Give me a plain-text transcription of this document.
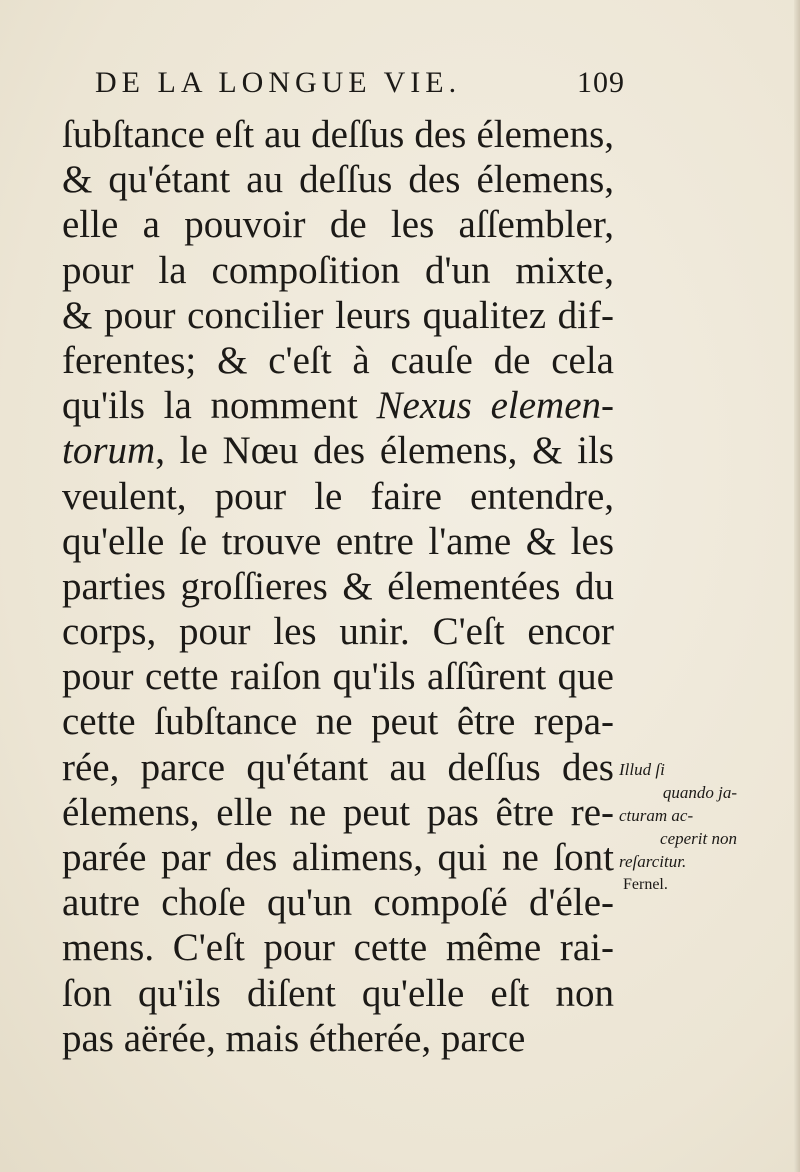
DE LA LONGUE VIE.	109
ſubſtance eſt au deſſus des élemens,
& qu'étant au deſſus des élemens,
elle a pouvoir de les aſſembler,
pour la compoſition d'un mixte,
& pour concilier leurs qualitez dif-
ferentes; & c'eſt à cauſe de cela
qu'ils la nomment Nexus elemen-
torum, le Nœu des élemens, & ils
veulent, pour le faire entendre,
qu'elle ſe trouve entre l'ame & les
parties groſſieres & élementées du
corps, pour les unir. C'eſt encor
pour cette raiſon qu'ils aſſûrent que
cette ſubſtance ne peut être repa-
rée, parce qu'étant au deſſus des
élemens, elle ne peut pas être re-
parée par des alimens, qui ne ſont
autre choſe qu'un compoſé d'éle-
mens. C'eſt pour cette même rai-
ſon qu'ils diſent qu'elle eſt non
pas aërée, mais étherée, parce
Illud ſi
quando ja-
cturam ac-
ceperit non
reſarcitur.
Fernel.
